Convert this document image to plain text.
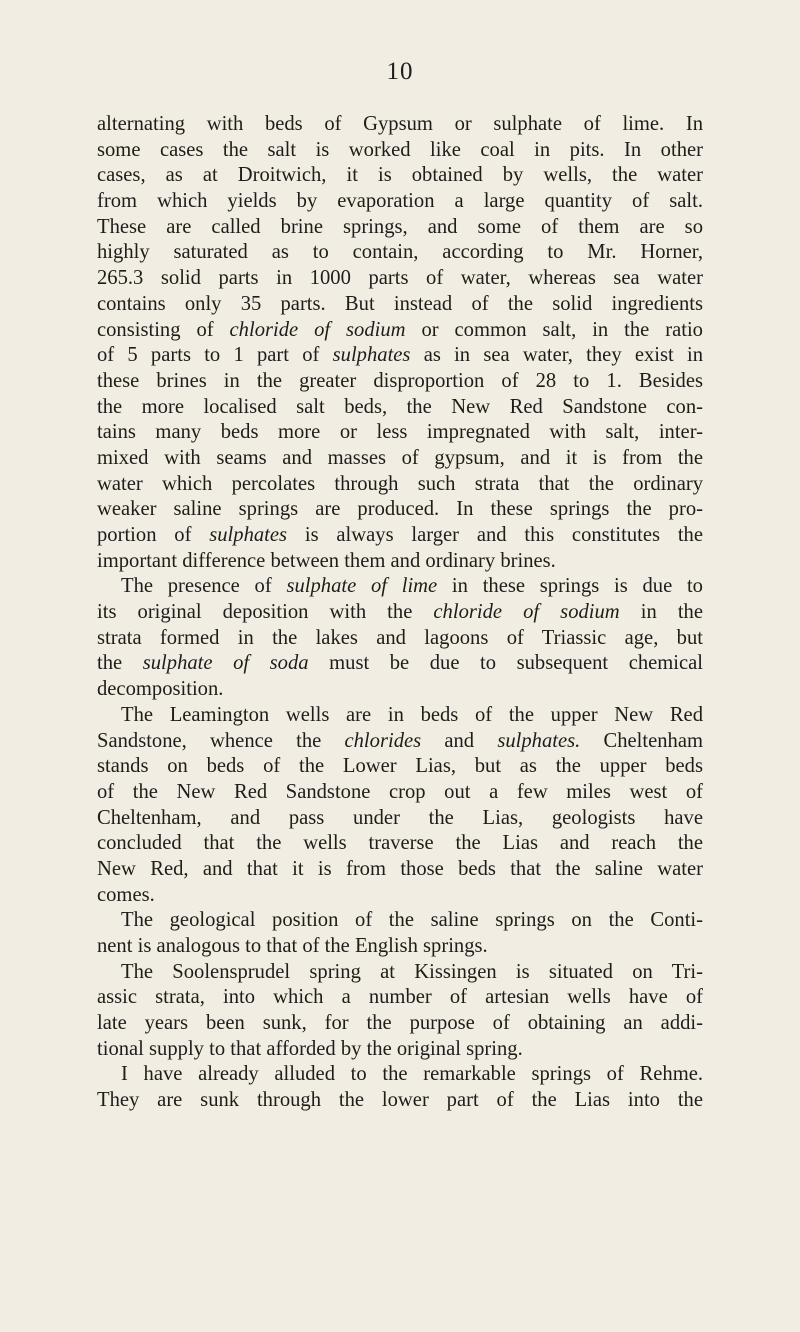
10
alternating with beds of Gypsum or sulphate of lime. In
some cases the salt is worked like coal in pits. In other
cases, as at Droitwich, it is obtained by wells, the water
from which yields by evaporation a large quantity of salt.
These are called brine springs, and some of them are so
highly saturated as to contain, according to Mr. Horner,
265.3 solid parts in 1000 parts of water, whereas sea water
contains only 35 parts. But instead of the solid ingredients
consisting of chloride of sodium or common salt, in the ratio
of 5 parts to 1 part of sulphates as in sea water, they exist in
these brines in the greater disproportion of 28 to 1. Besides
the more localised salt beds, the New Red Sandstone con-
tains many beds more or less impregnated with salt, inter-
mixed with seams and masses of gypsum, and it is from the
water which percolates through such strata that the ordinary
weaker saline springs are produced. In these springs the pro-
portion of sulphates is always larger and this constitutes the
important difference between them and ordinary brines.
The presence of sulphate of lime in these springs is due to
its original deposition with the chloride of sodium in the
strata formed in the lakes and lagoons of Triassic age, but
the sulphate of soda must be due to subsequent chemical
decomposition.
The Leamington wells are in beds of the upper New Red
Sandstone, whence the chlorides and sulphates. Cheltenham
stands on beds of the Lower Lias, but as the upper beds
of the New Red Sandstone crop out a few miles west of
Cheltenham, and pass under the Lias, geologists have
concluded that the wells traverse the Lias and reach the
New Red, and that it is from those beds that the saline water
comes.
The geological position of the saline springs on the Conti-
nent is analogous to that of the English springs.
The Soolensprudel spring at Kissingen is situated on Tri-
assic strata, into which a number of artesian wells have of
late years been sunk, for the purpose of obtaining an addi-
tional supply to that afforded by the original spring.
I have already alluded to the remarkable springs of Rehme.
They are sunk through the lower part of the Lias into the
